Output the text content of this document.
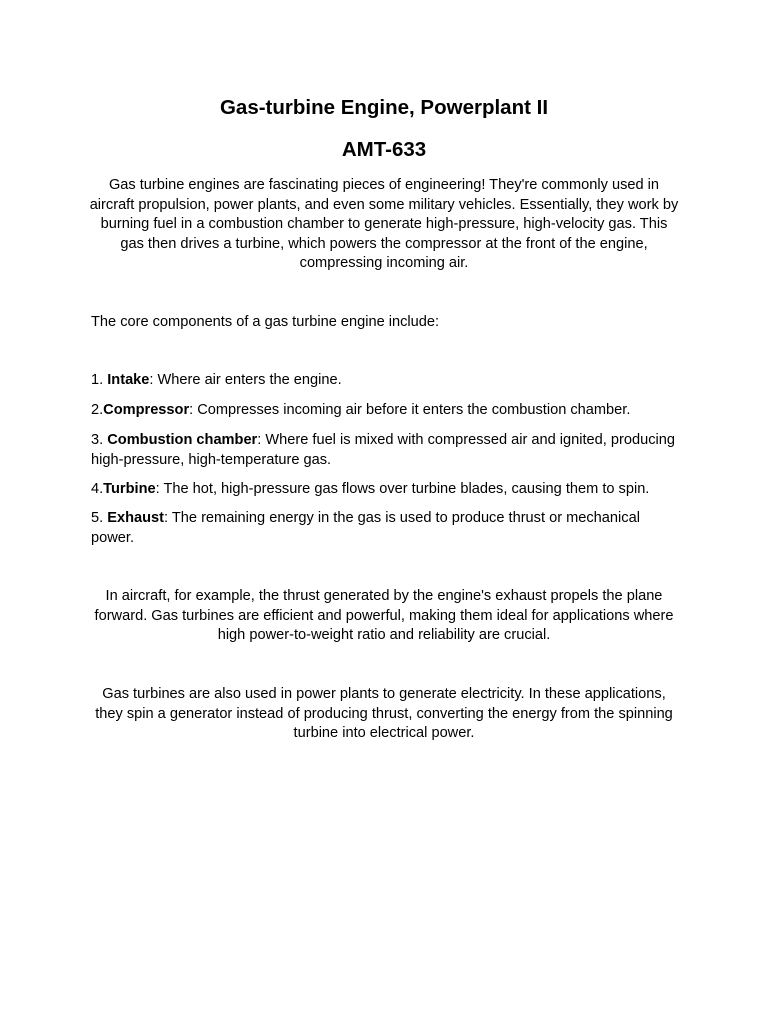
Gas-turbine Engine, Powerplant II
AMT-633

Gas turbine engines are fascinating pieces of engineering! They're commonly used in aircraft propulsion, power plants, and even some military vehicles. Essentially, they work by burning fuel in a combustion chamber to generate high-pressure, high-velocity gas. This gas then drives a turbine, which powers the compressor at the front of the engine, compressing incoming air.

The core components of a gas turbine engine include:

1. Intake: Where air enters the engine.

2.Compressor: Compresses incoming air before it enters the combustion chamber.

3. Combustion chamber: Where fuel is mixed with compressed air and ignited, producing high-pressure, high-temperature gas.

4.Turbine: The hot, high-pressure gas flows over turbine blades, causing them to spin.

5. Exhaust: The remaining energy in the gas is used to produce thrust or mechanical power.

In aircraft, for example, the thrust generated by the engine's exhaust propels the plane forward. Gas turbines are efficient and powerful, making them ideal for applications where high power-to-weight ratio and reliability are crucial.

Gas turbines are also used in power plants to generate electricity. In these applications, they spin a generator instead of producing thrust, converting the energy from the spinning turbine into electrical power.
